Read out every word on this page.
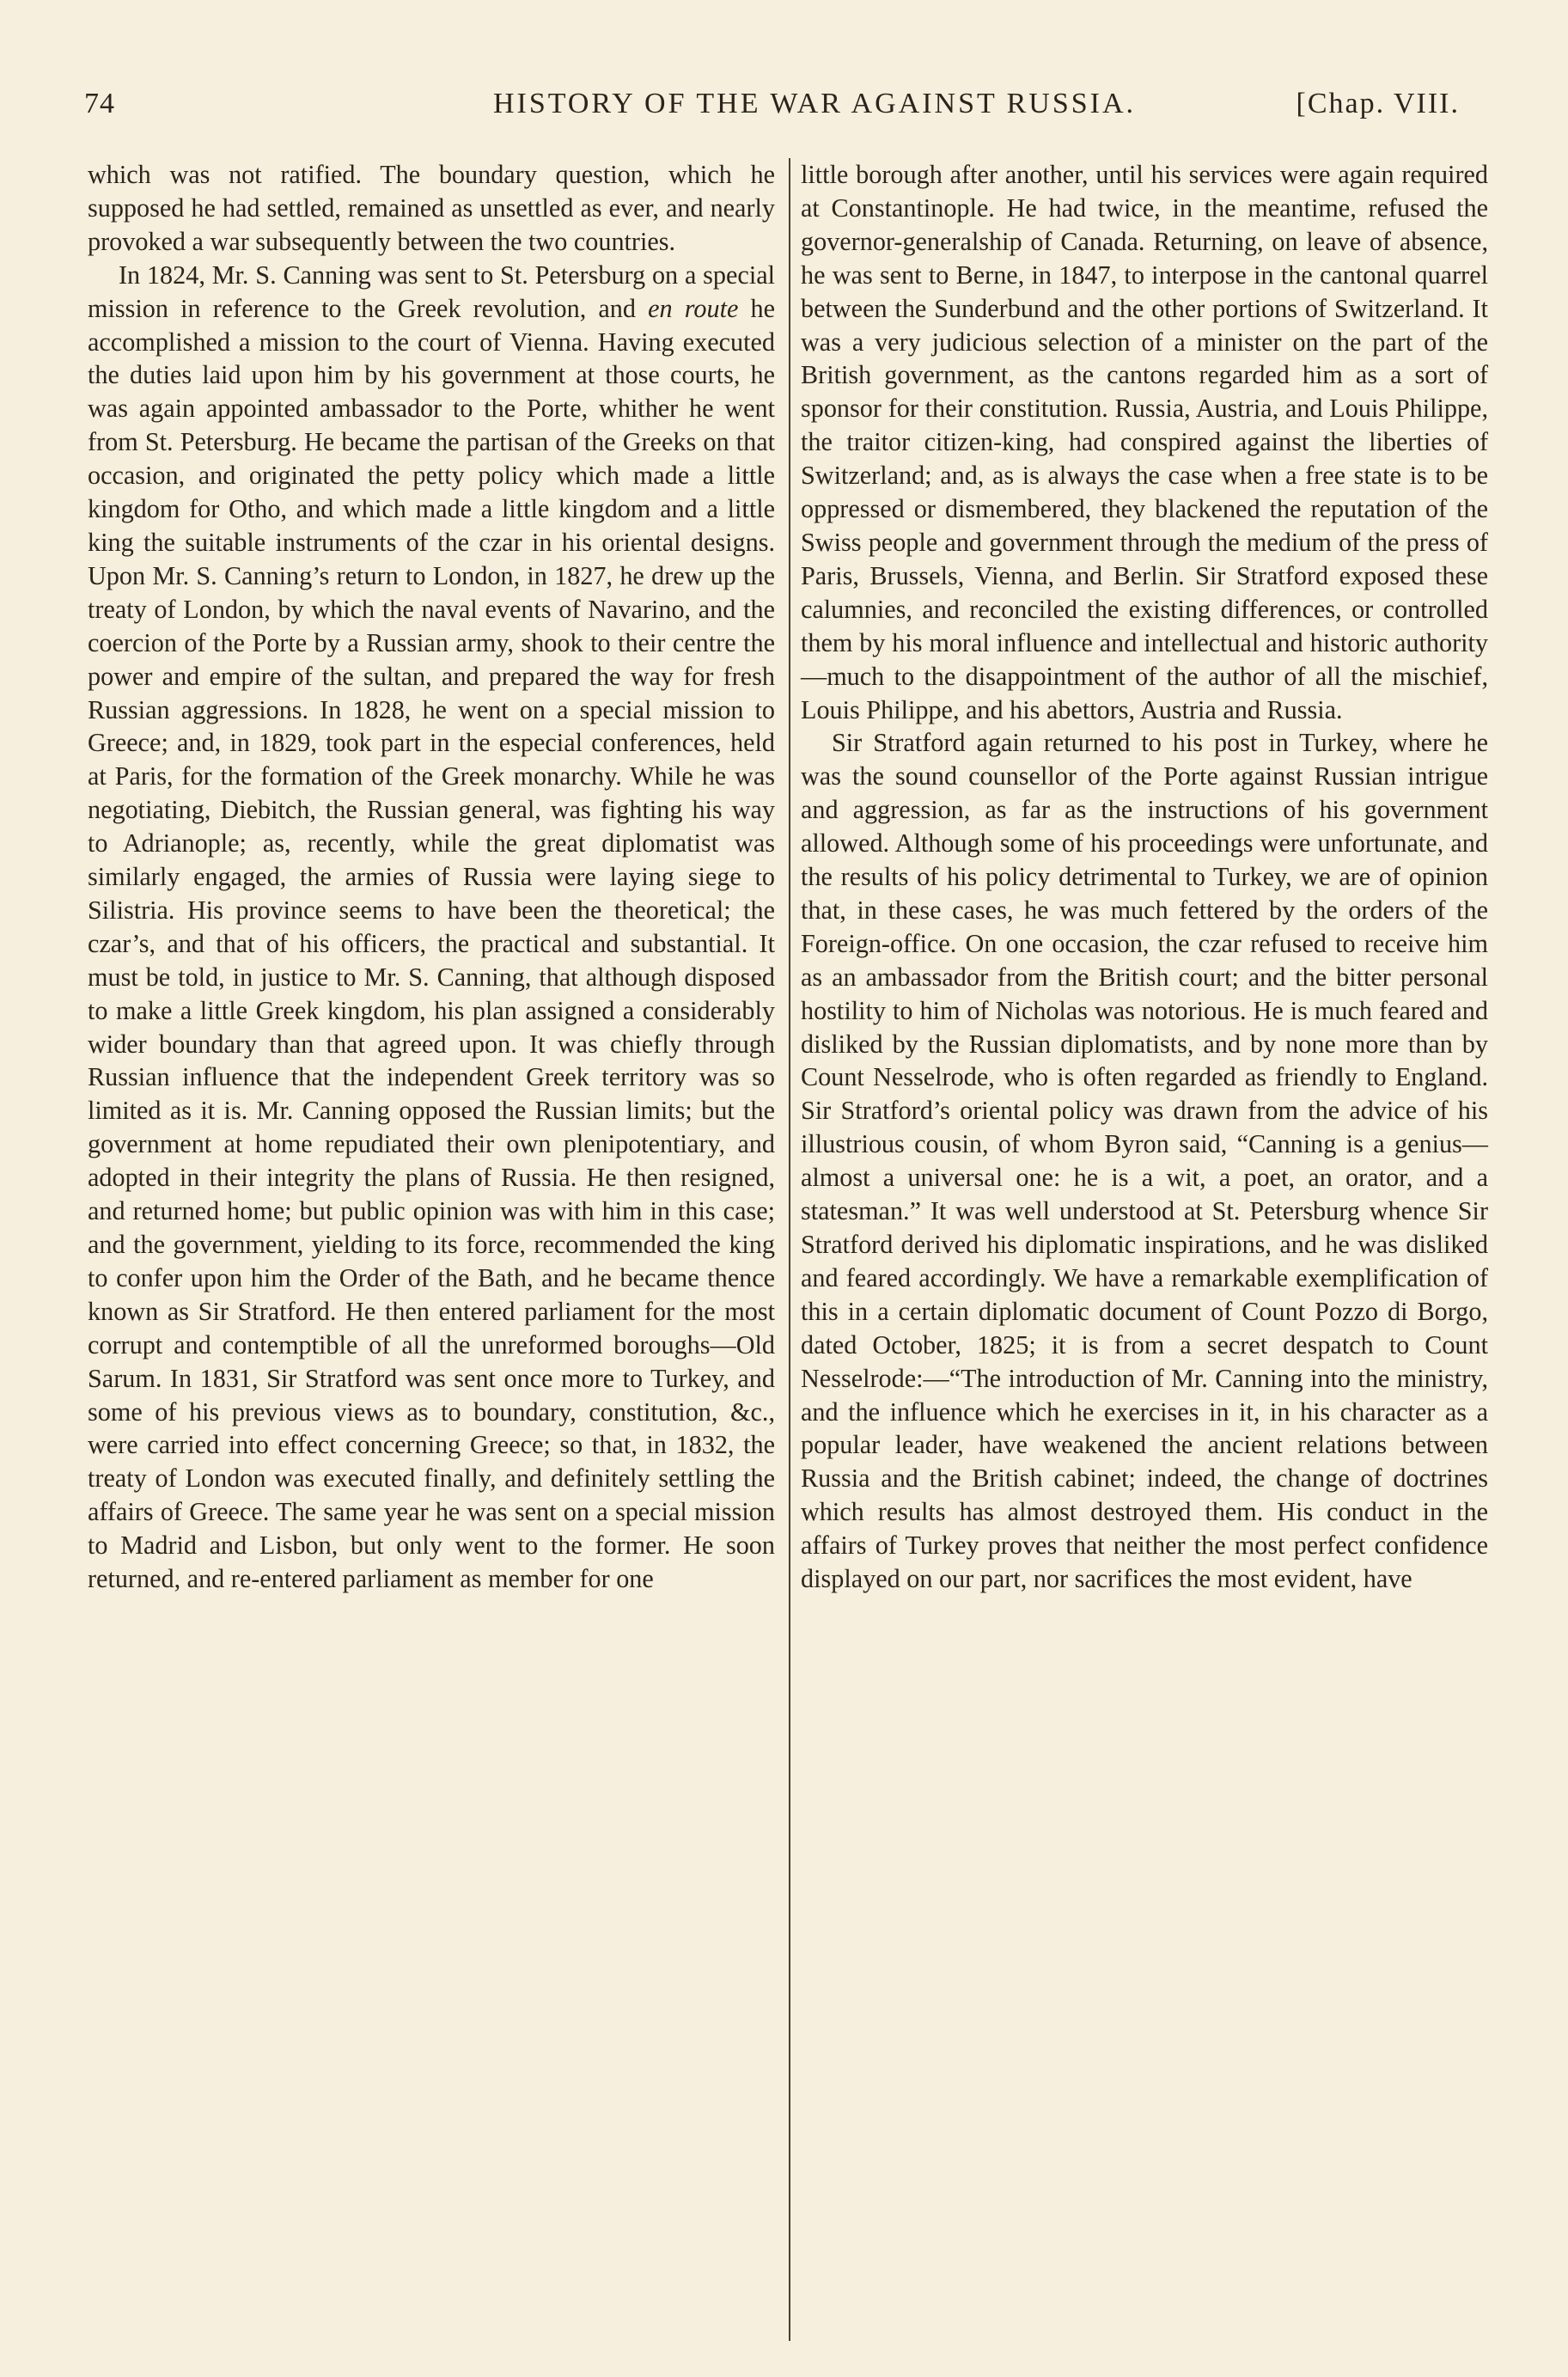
74	HISTORY OF THE WAR AGAINST RUSSIA.	[Chap. VIII.

which was not ratified. The boundary question, which he supposed he had settled, remained as unsettled as ever, and nearly provoked a war subsequently between the two countries.

In 1824, Mr. S. Canning was sent to St. Petersburg on a special mission in reference to the Greek revolution, and en route he accomplished a mission to the court of Vienna. Having executed the duties laid upon him by his government at those courts, he was again appointed ambassador to the Porte, whither he went from St. Petersburg. He became the partisan of the Greeks on that occasion, and originated the petty policy which made a little kingdom for Otho, and which made a little kingdom and a little king the suitable instruments of the czar in his oriental designs. Upon Mr. S. Canning’s return to London, in 1827, he drew up the treaty of London, by which the naval events of Navarino, and the coercion of the Porte by a Russian army, shook to their centre the power and empire of the sultan, and prepared the way for fresh Russian aggressions. In 1828, he went on a special mission to Greece; and, in 1829, took part in the especial conferences, held at Paris, for the formation of the Greek monarchy. While he was negotiating, Diebitch, the Russian general, was fighting his way to Adrianople; as, recently, while the great diplomatist was similarly engaged, the armies of Russia were laying siege to Silistria. His province seems to have been the theoretical; the czar’s, and that of his officers, the practical and substantial. It must be told, in justice to Mr. S. Canning, that although disposed to make a little Greek kingdom, his plan assigned a considerably wider boundary than that agreed upon. It was chiefly through Russian influence that the independent Greek territory was so limited as it is. Mr. Canning opposed the Russian limits; but the government at home repudiated their own plenipotentiary, and adopted in their integrity the plans of Russia. He then resigned, and returned home; but public opinion was with him in this case; and the government, yielding to its force, recommended the king to confer upon him the Order of the Bath, and he became thence known as Sir Stratford. He then entered parliament for the most corrupt and contemptible of all the unreformed boroughs—Old Sarum. In 1831, Sir Stratford was sent once more to Turkey, and some of his previous views as to boundary, constitution, &c., were carried into effect concerning Greece; so that, in 1832, the treaty of London was executed finally, and definitely settling the affairs of Greece. The same year he was sent on a special mission to Madrid and Lisbon, but only went to the former. He soon returned, and re-entered parliament as member for one

little borough after another, until his services were again required at Constantinople. He had twice, in the meantime, refused the governor-generalship of Canada. Returning, on leave of absence, he was sent to Berne, in 1847, to interpose in the cantonal quarrel between the Sunderbund and the other portions of Switzerland. It was a very judicious selection of a minister on the part of the British government, as the cantons regarded him as a sort of sponsor for their constitution. Russia, Austria, and Louis Philippe, the traitor citizen-king, had conspired against the liberties of Switzerland; and, as is always the case when a free state is to be oppressed or dismembered, they blackened the reputation of the Swiss people and government through the medium of the press of Paris, Brussels, Vienna, and Berlin. Sir Stratford exposed these calumnies, and reconciled the existing differences, or controlled them by his moral influence and intellectual and historic authority—much to the disappointment of the author of all the mischief, Louis Philippe, and his abettors, Austria and Russia.

Sir Stratford again returned to his post in Turkey, where he was the sound counsellor of the Porte against Russian intrigue and aggression, as far as the instructions of his government allowed. Although some of his proceedings were unfortunate, and the results of his policy detrimental to Turkey, we are of opinion that, in these cases, he was much fettered by the orders of the Foreign-office. On one occasion, the czar refused to receive him as an ambassador from the British court; and the bitter personal hostility to him of Nicholas was notorious. He is much feared and disliked by the Russian diplomatists, and by none more than by Count Nesselrode, who is often regarded as friendly to England. Sir Stratford’s oriental policy was drawn from the advice of his illustrious cousin, of whom Byron said, “Canning is a genius—almost a universal one: he is a wit, a poet, an orator, and a statesman.” It was well understood at St. Petersburg whence Sir Stratford derived his diplomatic inspirations, and he was disliked and feared accordingly. We have a remarkable exemplification of this in a certain diplomatic document of Count Pozzo di Borgo, dated October, 1825; it is from a secret despatch to Count Nesselrode:—“The introduction of Mr. Canning into the ministry, and the influence which he exercises in it, in his character as a popular leader, have weakened the ancient relations between Russia and the British cabinet; indeed, the change of doctrines which results has almost destroyed them. His conduct in the affairs of Turkey proves that neither the most perfect confidence displayed on our part, nor sacrifices the most evident, have
